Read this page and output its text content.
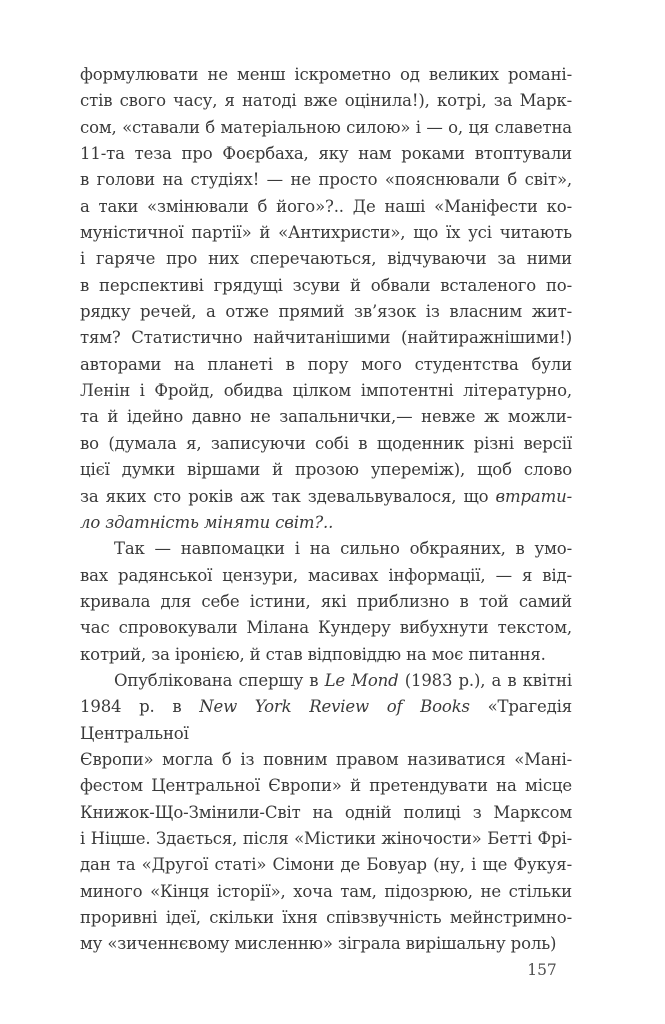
формулювати не менш іскрометно од великих романі-
стів свого часу, я натоді вже оцінила!), котрі, за Марк-
сом, «ставали б матеріальною силою» і — о, ця славетна
11-та теза про Фоєрбаха, яку нам роками втоптували
в голови на студіях! — не просто «пояснювали б світ»,
а таки «змінювали б його»?.. Де наші «Маніфести ко-
муністичної партії» й «Антихристи», що їх усі читають
і гаряче про них сперечаються, відчуваючи за ними
в перспективі грядущі зсуви й обвали всталеного по-
рядку речей, а отже прямий зв’язок із власним жит-
тям? Статистично найчитанішими (найтиражнішими!)
авторами на планеті в пору мого студентства були
Ленін і Фройд, обидва цілком імпотентні літературно,
та й ідейно давно не запальнички,— невже ж можли-
во (думала я, записуючи собі в щоденник різні версії
цієї думки віршами й прозою упереміж), щоб слово
за яких сто років аж так здевальвувалося, що втрати-
ло здатність міняти світ?..
Так — навпомацки і на сильно обкраяних, в умо-
вах радянської цензури, масивах інформації, — я від-
кривала для себе істини, які приблизно в той самий
час спровокували Мілана Кундеру вибухнути текстом,
котрий, за іронією, й став відповіддю на моє питання.
Опублікована спершу в Le Mond (1983 р.), а в квітні
1984 р. в New York Review of Books «Трагедія Центральної
Європи» могла б із повним правом називатися «Мані-
фестом Центральної Європи» й претендувати на місце
Книжок-Що-Змінили-Світ на одній полиці з Марксом
і Ніцше. Здається, після «Містики жіночости» Бетті Фрі-
дан та «Другої статі» Сімони де Бовуар (ну, і ще Фукуя-
миного «Кінця історії», хоча там, підозрюю, не стільки
проривні ідеї, скільки їхня співзвучність мейнстримно-
му «зиченнєвому мисленню» зіграла вирішальну роль)
157
